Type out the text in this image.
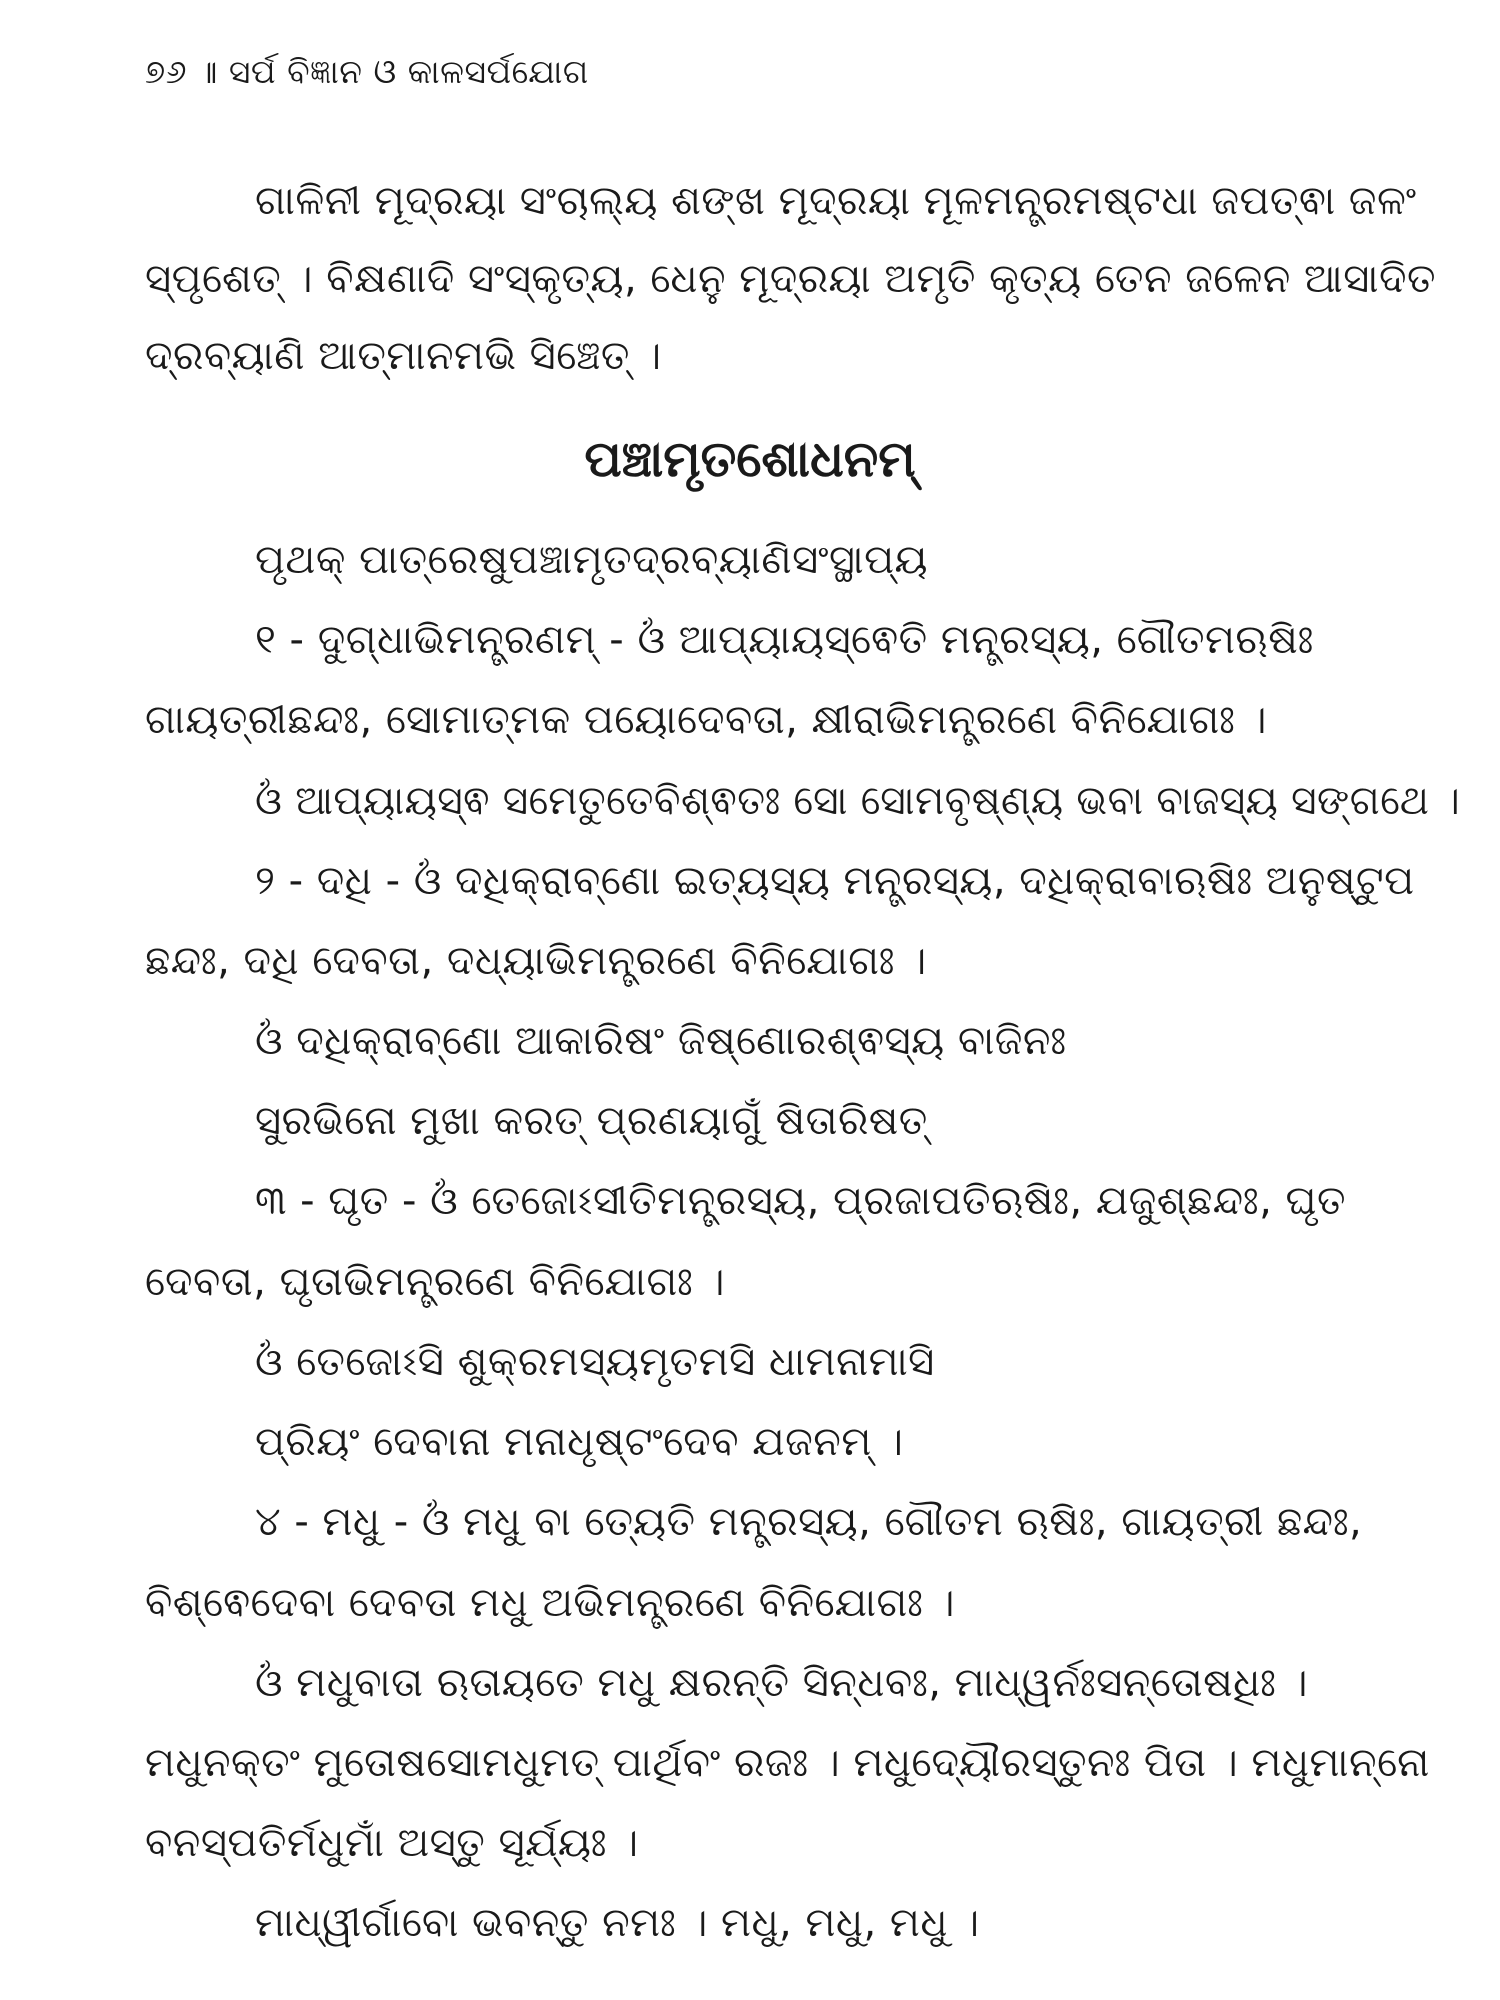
୭୬ ॥ ସର୍ପ ବିଜ୍ଞାନ ଓ କାଳସର୍ପଯୋଗ
ଗାଳିନୀ ମୂଦ୍ରୟା ସଂଚାଲ୍ୟ ଶଙ୍ଖ ମୂଦ୍ରୟା ମୂଳମନ୍ତ୍ରମଷ୍ଟଧା ଜପତ୍ଵା ଜଳଂ
ସ୍ପୃଶେତ୍ । ବିକ୍ଷଣାଦି ସଂସ୍କୃତ୍ୟ, ଧେନୁ ମୂଦ୍ରୟା ଅମୃତି କୃତ୍ୟ ତେନ ଜଳେନ ଆସାଦିତ
ଦ୍ରବ୍ୟାଣି ଆତ୍ମାନମଭି ସିଞ୍ଚେତ୍ ।
ପଞ୍ଚାମୃତଶୋଧନମ୍
ପୃଥକ୍ ପାତ୍ରେଷୁପଞ୍ଚାମୃତଦ୍ରବ୍ୟାଣିସଂସ୍ଥାପ୍ୟ
୧ - ଦୁଗ୍ଧାଭିମନ୍ତ୍ରଣମ୍ - ଓଁ ଆପ୍ୟାୟସ୍ଵେତି ମନ୍ତ୍ରସ୍ୟ, ଗୌତମଋଷିଃ
ଗାୟତ୍ରୀଛନ୍ଦଃ, ସୋମାତ୍ମକ ପୟୋଦେବତା, କ୍ଷୀରାଭିମନ୍ତ୍ରଣେ ବିନିଯୋଗଃ ।
ଓଁ ଆପ୍ୟାୟସ୍ଵ ସମେତୁତେବିଶ୍ଵତଃ ସୋ ସୋମବୃଷ୍ଣ୍ୟ ଭବା ବାଜସ୍ୟ ସଙ୍ଗଥେ ।
୨ - ଦଧି - ଓଁ ଦଧିକ୍ରାବ୍ଣୋ ଇତ୍ୟସ୍ୟ ମନ୍ତ୍ରସ୍ୟ, ଦଧିକ୍ରାବାଋଷିଃ ଅନୁଷ୍ଟୁପ
ଛନ୍ଦଃ, ଦଧି ଦେବତା, ଦଧ୍ୟାଭିମନ୍ତ୍ରଣେ ବିନିଯୋଗଃ ।
ଓଁ ଦଧିକ୍ରାବ୍ଣୋ ଆକାରିଷଂ ଜିଷ୍ଣୋରଶ୍ଵସ୍ୟ ବାଜିନଃ
ସୁରଭିନୋ ମୁଖା କରତ୍ ପ୍ରଣୟାଗୁଁ ଷିତାରିଷତ୍
୩ - ଘୃତ - ଓଁ ତେଜୋଽସୀତିମନ୍ତ୍ରସ୍ୟ, ପ୍ରଜାପତିଋଷିଃ, ଯଜୁଶ୍ଛନ୍ଦଃ, ଘୃତ
ଦେବତା, ଘୃତାଭିମନ୍ତ୍ରଣେ ବିନିଯୋଗଃ ।
ଓଁ ତେଜୋଽସି ଶୁକ୍ରମସ୍ୟମୃତମସି ଧାମନାମାସି
ପ୍ରିୟଂ ଦେବାନା ମନାଧୃଷ୍ଟଂଦେବ ଯଜନମ୍ ।
୪ - ମଧୁ - ଓଁ ମଧୁ ବା ତ୍ୟେତି ମନ୍ତ୍ରସ୍ୟ, ଗୌତମ ଋଷିଃ, ଗାୟତ୍ରୀ ଛନ୍ଦଃ,
ବିଶ୍ଵେଦେବା ଦେବତା ମଧୁ ଅଭିମନ୍ତ୍ରଣେ ବିନିଯୋଗଃ ।
ଓଁ ମଧୁବାତା ଋତାୟତେ ମଧୁ କ୍ଷରନ୍ତି ସିନ୍ଧବଃ, ମାଧ୍ୱର୍ନଃସନ୍ତୋଷଧିଃ ।
ମଧୁନକ୍ତଂ ମୁତୋଷସୋମଧୁମତ୍ ପାର୍ଥିବଂ ରଜଃ । ମଧୁଦ୍ୟୌରସ୍ତୁନଃ ପିତା । ମଧୁମାନ୍ନୋ
ବନସ୍ପତିର୍ମଧୁମାଁ ଅସ୍ତୁ ସୂର୍ଯ୍ୟଃ ।
ମାଧ୍ୱୀର୍ଗାବୋ ଭବନ୍ତୁ ନମଃ । ମଧୁ, ମଧୁ, ମଧୁ ।
